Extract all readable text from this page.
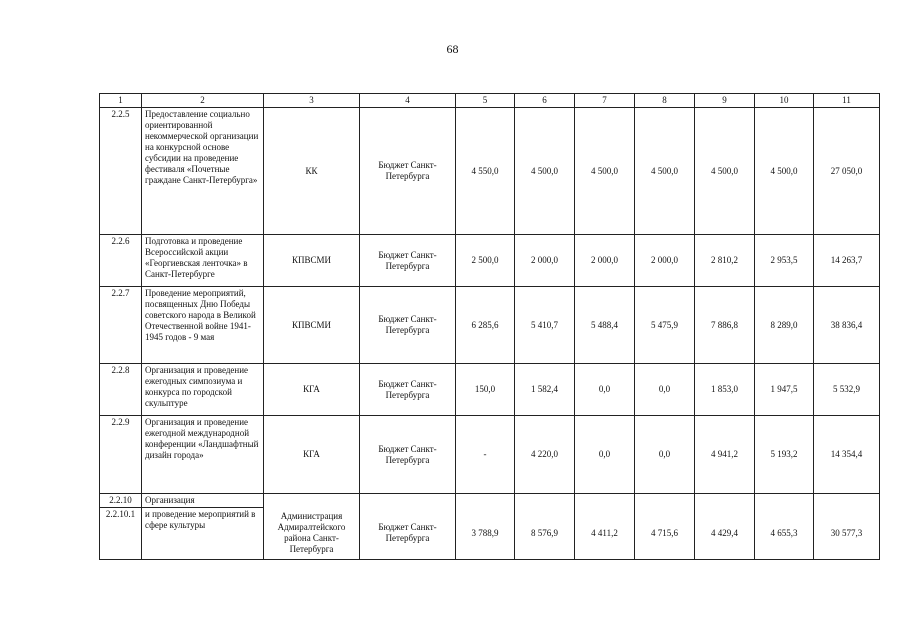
68
1	2	3	4	5	6	7	8	9	10	11
2.2.5	Предоставление социально ориентированной некоммерческой организации на конкурсной основе субсидии на проведение фестиваля «Почетные граждане Санкт-Петербурга»	КК	Бюджет Санкт-Петербурга	4 550,0	4 500,0	4 500,0	4 500,0	4 500,0	4 500,0	27 050,0
2.2.6	Подготовка и проведение Всероссийской акции «Георгиевская ленточка» в Санкт-Петербурге	КПВСМИ	Бюджет Санкт-Петербурга	2 500,0	2 000,0	2 000,0	2 000,0	2 810,2	2 953,5	14 263,7
2.2.7	Проведение мероприятий, посвященных Дню Победы советского народа в Великой Отечественной войне 1941-1945 годов - 9 мая	КПВСМИ	Бюджет Санкт-Петербурга	6 285,6	5 410,7	5 488,4	5 475,9	7 886,8	8 289,0	38 836,4
2.2.8	Организация и проведение ежегодных симпозиума и конкурса по городской скульптуре	КГА	Бюджет Санкт-Петербурга	150,0	1 582,4	0,0	0,0	1 853,0	1 947,5	5 532,9
2.2.9	Организация и проведение ежегодной международной конференции «Ландшафтный дизайн города»	КГА	Бюджет Санкт-Петербурга	-	4 220,0	0,0	0,0	4 941,2	5 193,2	14 354,4
2.2.10	Организация									
2.2.10.1	и проведение мероприятий в сфере культуры	Администрация Адмиралтейского района Санкт-Петербурга	Бюджет Санкт-Петербурга	3 788,9	8 576,9	4 411,2	4 715,6	4 429,4	4 655,3	30 577,3
